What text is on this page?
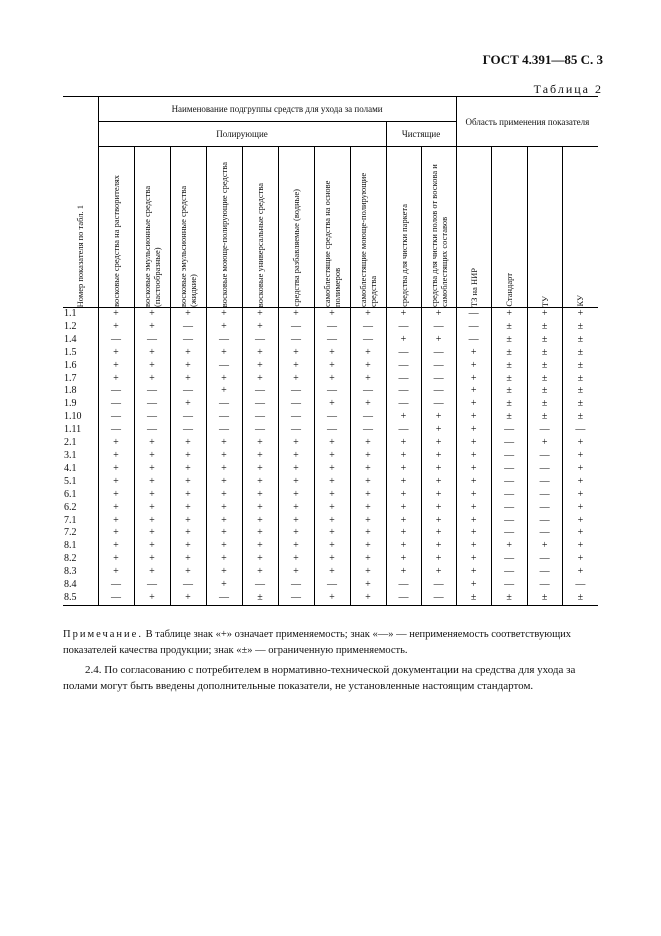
ГОСТ 4.391—85 С. 3
Таблица 2
Номер показателя по табл. 1	Наименование подгруппы средств для ухода за полами										Область применения показателя			
	Полирующие								Чистящие					

	восковые средства на растворителях	восковые эмульсионные средства (пастообразные)	восковые эмульсионные средства (жидкие)	восковые моюще-полирующие средства	восковые универсальные средства	средства разбавляемые (водные)	самоблестящие средства на основе полимеров	самоблестящие моюще-полирующие средства	средства для чистки паркета	средства для чистки полов от воскова и самоблестящих составов	ТЗ на НИР	Стандарт	ТУ	КУ

1.1	+	+	+	+	+	+	+	+	+	+	—	+	+	+
1.2	+	+	—	+	+	—	—	—	—	—	—	±	±	±
1.4	—	—	—	—	—	—	—	—	+	+	—	±	±	±
1.5	+	+	+	+	+	+	+	+	—	—	+	±	±	±
1.6	+	+	+	—	+	+	+	+	—	—	+	±	±	±
1.7	+	+	+	+	+	+	+	+	—	—	+	±	±	±
1.8	—	—	—	+	—	—	—	—	—	—	+	±	±	±
1.9	—	—	+	—	—	—	+	+	—	—	+	±	±	±
1.10	—	—	—	—	—	—	—	—	+	+	+	±	±	±
1.11	—	—	—	—	—	—	—	—	—	+	+	—	—	—
2.1	+	+	+	+	+	+	+	+	+	+	+	—	+	+
3.1	+	+	+	+	+	+	+	+	+	+	+	—	—	+
4.1	+	+	+	+	+	+	+	+	+	+	+	—	—	+
5.1	+	+	+	+	+	+	+	+	+	+	+	—	—	+
6.1	+	+	+	+	+	+	+	+	+	+	+	—	—	+
6.2	+	+	+	+	+	+	+	+	+	+	+	—	—	+
7.1	+	+	+	+	+	+	+	+	+	+	+	—	—	+
7.2	+	+	+	+	+	+	+	+	+	+	+	—	—	+
8.1	+	+	+	+	+	+	+	+	+	+	+	+	+	+
8.2	+	+	+	+	+	+	+	+	+	+	+	—	—	+
8.3	+	+	+	+	+	+	+	+	+	+	+	—	—	+
8.4	—	—	—	+	—	—	—	+	—	—	+	—	—	—
8.5	—	+	+	—	±	—	+	+	—	—	±	±	±	±
Примечание. В таблице знак «+» означает применяемость; знак «—» — неприменяемость соответствующих показателей качества продукции; знак «±» — ограниченную применяемость.
2.4. По согласованию с потребителем в нормативно-технической документации на средства для ухода за полами могут быть введены дополнительные показатели, не установленные настоящим стандартом.
